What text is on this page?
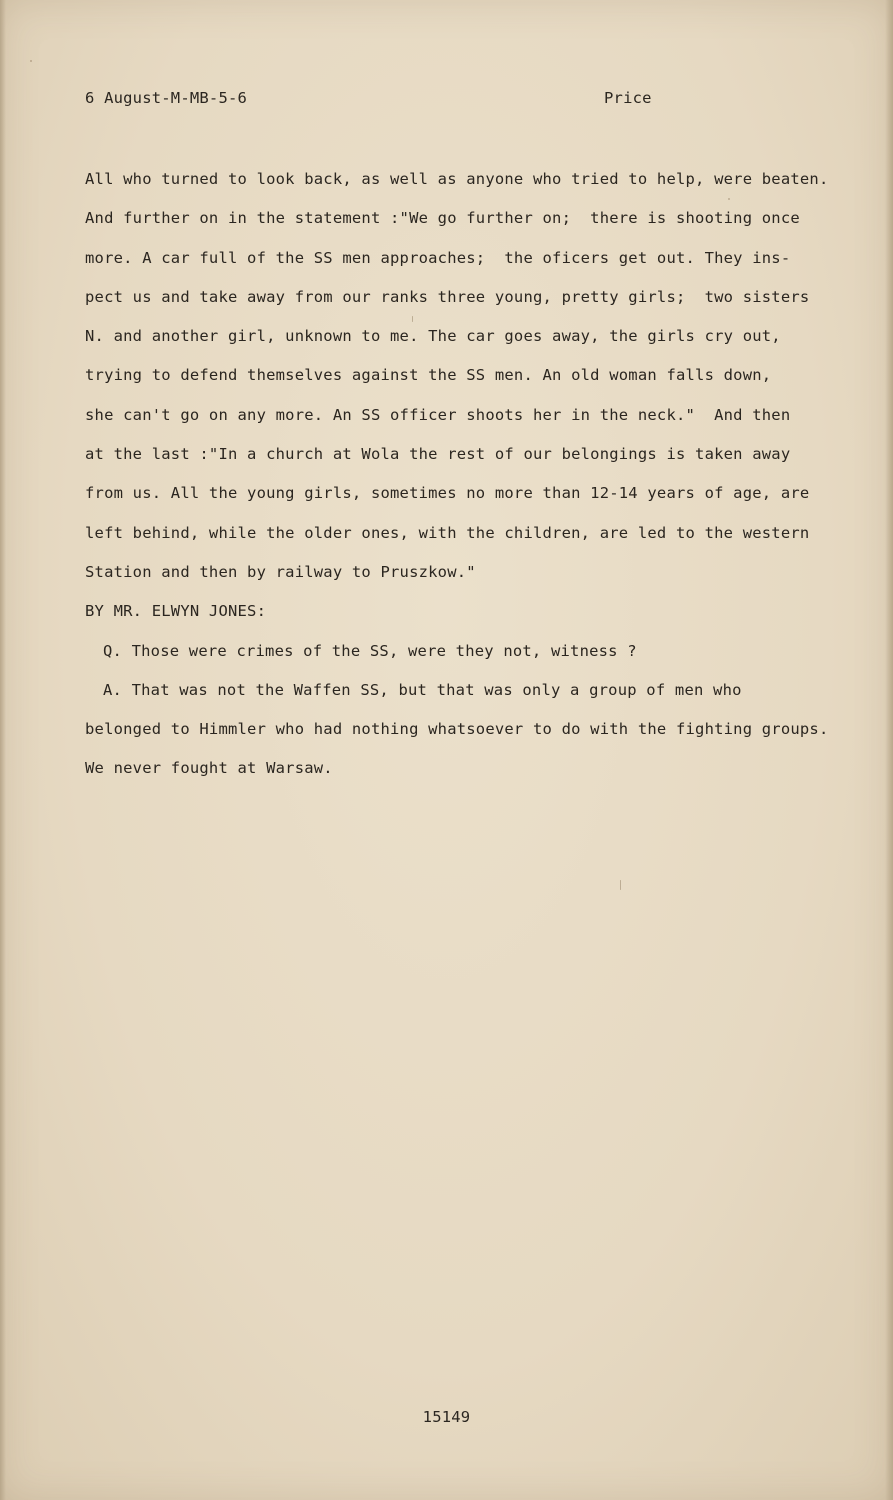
6 August-M-MB-5-6	Price
All who turned to look back, as well as anyone who tried to help, were beaten.
And further on in the statement :"We go further on;  there is shooting once
more. A car full of the SS men approaches;  the oficers get out. They ins-
pect us and take away from our ranks three young, pretty girls;  two sisters
N. and another girl, unknown to me. The car goes away, the girls cry out,
trying to defend themselves against the SS men. An old woman falls down,
she can't go on any more. An SS officer shoots her in the neck."  And then
at the last :"In a church at Wola the rest of our belongings is taken away
from us. All the young girls, sometimes no more than 12-14 years of age, are
left behind, while the older ones, with the children, are led to the western
Station and then by railway to Pruszkow."
BY MR. ELWYN JONES:
Q. Those were crimes of the SS, were they not, witness ?
A. That was not the Waffen SS, but that was only a group of men who
belonged to Himmler who had nothing whatsoever to do with the fighting groups.
We never fought at Warsaw.
15149
